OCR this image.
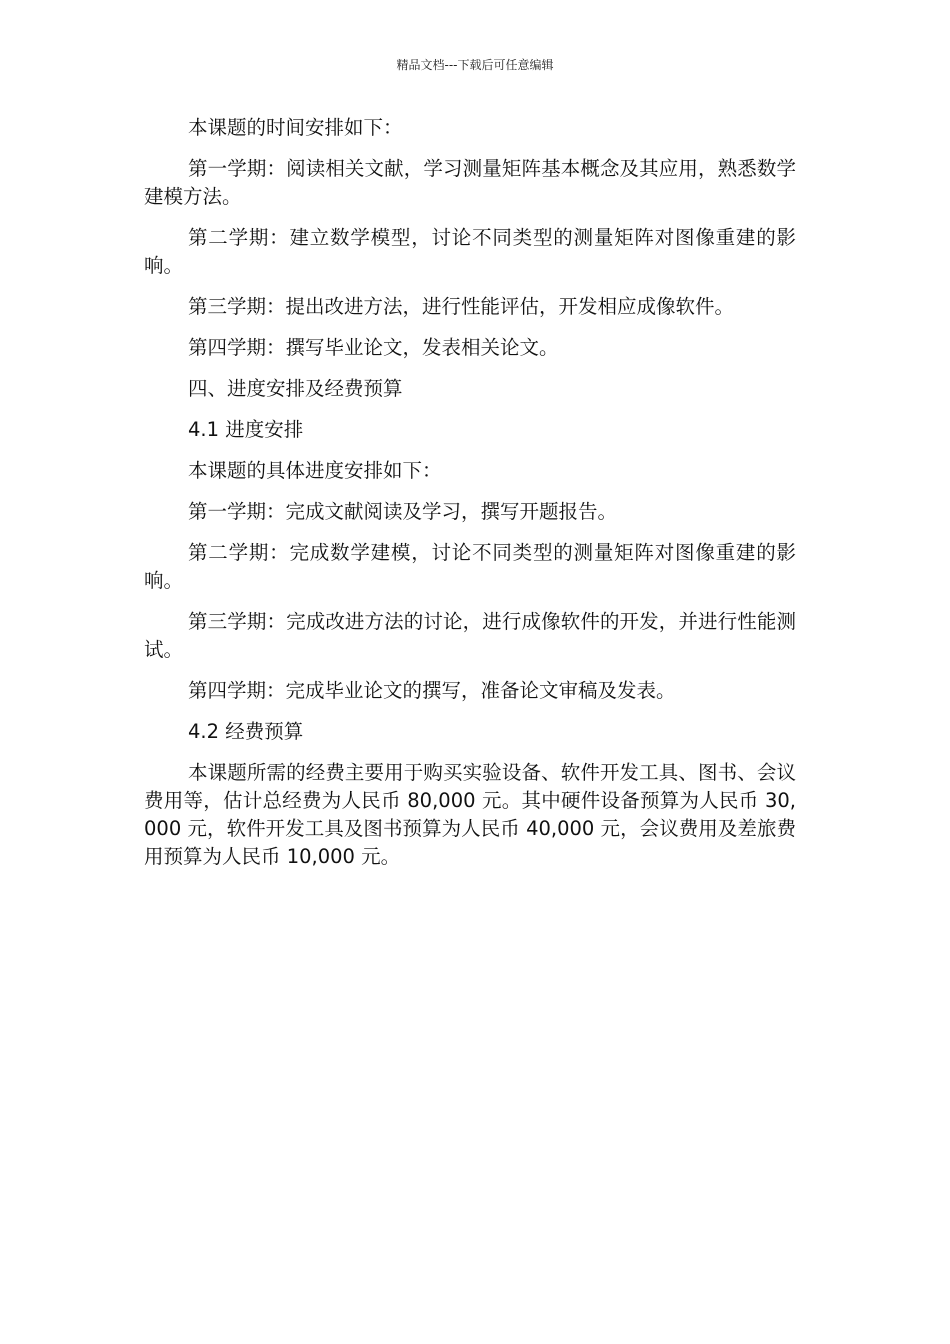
精品文档---下载后可任意编辑

本课题的时间安排如下：

第一学期：阅读相关文献，学习测量矩阵基本概念及其应用，熟悉数学建模方法。

第二学期：建立数学模型，讨论不同类型的测量矩阵对图像重建的影响。

第三学期：提出改进方法，进行性能评估，开发相应成像软件。

第四学期：撰写毕业论文，发表相关论文。

四、进度安排及经费预算

4.1 进度安排

本课题的具体进度安排如下：

第一学期：完成文献阅读及学习，撰写开题报告。

第二学期：完成数学建模，讨论不同类型的测量矩阵对图像重建的影响。

第三学期：完成改进方法的讨论，进行成像软件的开发，并进行性能测试。

第四学期：完成毕业论文的撰写，准备论文审稿及发表。

4.2 经费预算

本课题所需的经费主要用于购买实验设备、软件开发工具、图书、会议费用等，估计总经费为人民币 80,000 元。其中硬件设备预算为人民币 30,000 元，软件开发工具及图书预算为人民币 40,000 元，会议费用及差旅费用预算为人民币 10,000 元。
